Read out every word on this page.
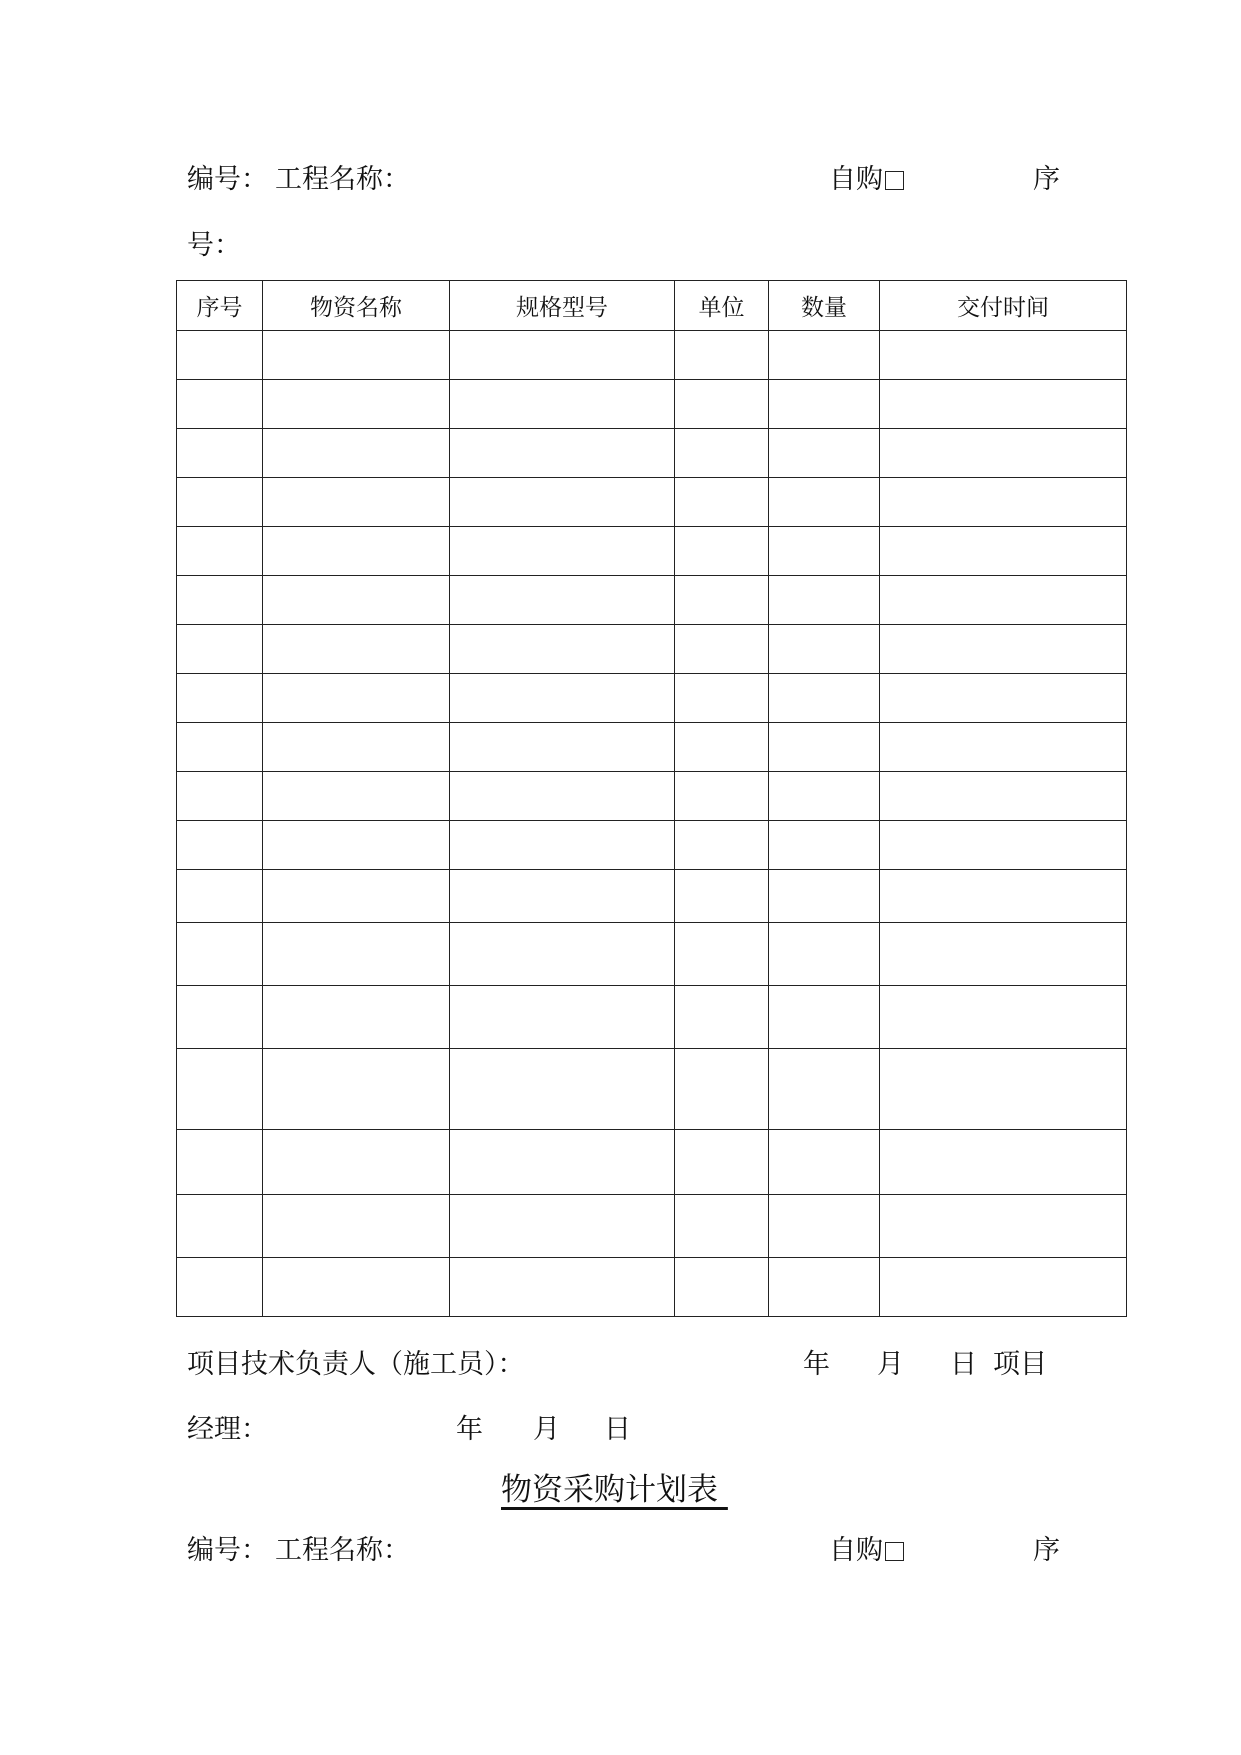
编号： 工程名称：	自购	序
号：
序号	物资名称	规格型号	单位	数量	交付时间

项目技术负责人（施工员）：	年 月 日 项目
经理：	年 月 日
物资采购计划表
编号： 工程名称：	自购	序
